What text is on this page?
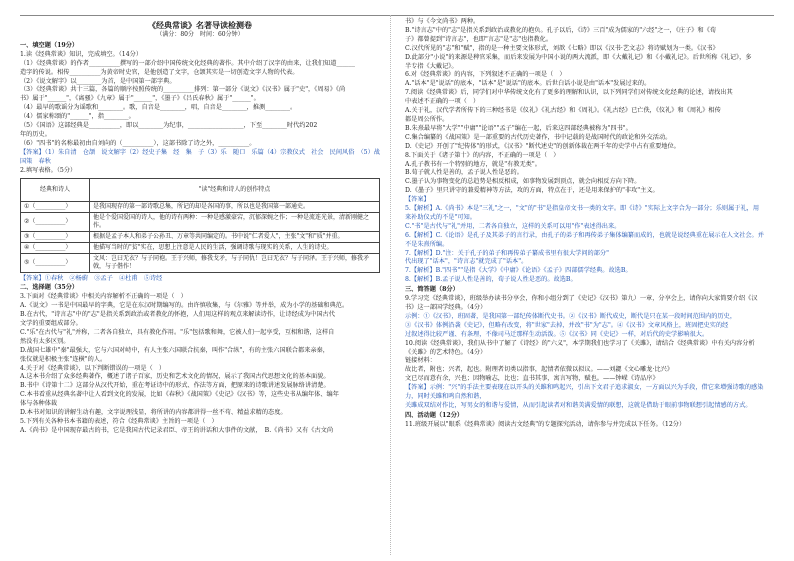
《经典常谈》名著导读检测卷
（满分：80分　时间：60分钟）
一、填空题（19分）

1.读《经典常谈》知识，完成填空。（14分）

（1）《经典常谈》的作者__________撰写的一部介绍中国传统文化经典的著作。其中介绍了汉字的由来，让我们知道______

造字的传说。相传__________为黄帝时史官，是他创造了文字，仓颉其实是一切创造文字人物的代表。

（2）《说文解字》以________为首，是中国第一部字典。

（3）《经典常谈》共十三篇，各篇的顺序按照传统的__________排列：第一部分《说文》《汉书》属于"史"，《周易》《尚

书》属于"______"，《离骚》《九章》属于"______"，《墨子》《吕氏春秋》属于"______"。

（4）最早的歌谣分为谣歌和________。歌，自音是________，唱，自音是________，推测________。

（4）儒家称颂的"______"，指________。

（5）《国语》这部经典是__________，即以________为纪事，__________________，下至________时代约202

年的历史。

（6）"四书"的名称最初由自刘向的（__________），这部书除了诗之外，__________。

【答案】（1）朱自清　仓颉　说文解字（2）经史子集　经　集　子（3）乐　随口　乐篇（4）宗教仪式　社会　民间风俗　（5）战国策　春秋

2.填写表格。（5分）

经典和诗人	"读"经典和诗人的创作特点
①（__________）	是我国现存的第一部诗歌总集，所记的却是各国的事，所以也是我国第一部通史。
②（__________）	他是个爱国爱国的诗人，他的诗有两种：一种是感激豪宕，沉郁深婉之作；一种是流连光景，清新刚健之作。
③（__________）	根据是孟子本人和弟子公孙丑、万章等共同编定的。书中说"仁者爱人"，主张"文"和"质"并重。
④（__________）	他描写当时的"贫"实在，思想上注意是人民的生活，强调诗歌与现实的关系，人生的诗史。
⑤（__________）	文风：岂曰无衣？与子同袍。王于兴师，修我戈矛，与子同仇！岂曰无衣？与子同泽。王于兴师，修我矛戟，与子偕作！

【答案】①春秋　②杨蔚　③孟子　④杜甫　⑤诗经

二、选择题（35分）

3.下面对《经典常谈》中相关内容解析不正确的一项是（　）

A.《说文》一书是中国最早的字典，它是在东汉时期编写的。由许慎收集，与《尔雅》等并举，成为小学的基础和典范。

B.在古代，"诗言志"中的"志"是指关系到政治或者教化的怀抱，人们用这样的观点来解读诗作，让诗经成为中国古代

文学的重要组成部分。

C."乐"在古代与"礼"并称，二者各自独立，具有教化作用。"乐"包括歌和舞，它被人们一起享受，互相和谐，这样自

然没有太多区别。

D.战国七雄中"秦"最强大，它与六国对峙中，有人主张六国联合抗秦，叫作"合纵"，有的主张六国联合都来亲秦，

张仪就是积极主张"连横"的人。

4.关于对《经典常谈》，以下判断错误的一项是（　）

A.这本书介绍了众多经典著作，概述了诸子百家，历史和艺术文化的情况，展示了我国古代思想文化的基本面貌。

B.书中《诗第十二》这部分从汉代开始，重在考证诗中的形式、作法等方面，把原来的诗歌讲述发展脉络讲清楚。

C.本书看重从经典名著中让人看到文化的发展，比如《春秋》《战国策》《史记》《汉书》等，这些史书从编年体、编年

体与各种体裁

D.本书对知识的讲解生动有趣，文字说理浅显，将所讲的内容都讲得一丝不苟、精益求精的态度。

5.下列有关各种书本书籍的表述，符合《经典常谈》主旨的一项是（　）

A.《尚书》是中国现存最古的书，它是我国古代记录君臣、帝王的讲话和大事件的文献，　B.《尚书》又有《古文尚

书》与《今文尚书》两种。

B."诗言志"中的"志"是指关系到政治或教化的抱负。孔子以后，《诗》三百"成为儒家的"六经"之一，《庄子》和《荀

子》都曾提到"诗言志"，也即"言志"是"志"也指教化。

C.汉代所见的"志"和"赋"，指的是一种主要文体形式，刘歆《七略》即以《汉书·艺文志》将诗赋划为一类。《汉书》

D.此部分"小说"的来源是稗官采集，而后来发展为中国小说的两大流派，即《大戴礼记》和《小戴礼记》。后世所称《礼记》，多

半专指《大戴记》。

6.对《经典常谈》的内容，下列叙述不正确的一项是（　）

A."话本"是"说话"的底本，"话本"是"说话"的底本。后世白话小说是由"话本"发展过来的。

7.阅读《经典常谈》后，同学们对中华传统文化有了更多的理解和认识，以下列同学们对传统文化经典的论述，请找出其

中表述不正确的一项（　）

A.关于礼，汉代学者所传下的三种经书是《仪礼》《礼古经》和《周礼》。《礼古经》已亡佚，《仪礼》和《周礼》相传

都是周公所作。

B.朱熹最早将"大学""中庸""论语""孟子"编在一起，后来这四部经典被称为"四书"。

C.集合编纂的《战国策》是一部重要的古代历史著作，书中记载的是战国时代的政论和外交活动。

D.《史记》开创了"纪传体"的形式，《汉书》"断代述史"的创新体裁在两千年的史学中占有重要地位。

8.下面关于《诸子第十》的内容，不正确的一项是（　）

A.孔子教书有一个特别的地方，就是"有教无类"。

B.荀子就人性是善的，孟子说人性是恶的。

C.墨子认为事物变化的总趋势是相反相成，如事物发展到顶点，就会向相反方向下降。

D.《墨子》里只讲守的兼爱精神等方法，攻的方面，特点在于，还是用来保护的"非攻"主义。

【答案】

5.【解析】A.《尚书》本是"三礼"之一，"文"的"书"是指皇帝文书一类的文字。即《诗》"实际上文字合为一部分；乐则属于礼，用来补助仪式的不是"可知。

C."书"是古代与"礼"并用，二者各自独立，这样的关系可以用"作"表述得出来。

6.【解析】C.《论语》是孔子及其弟子的言行录，由孔子的弟子和再传弟子集体编纂而成的，也就是说经典重在展示在人文社会。并

不是朱熹所编。

7.【解析】D."注：关于孔子的弟子和再传弟子纂成书里有很大学问的部分"

代出现了"话本"，"诗言志"就完成了"话本"。

7.【解析】B."四书""是指《大学》《中庸》《论语》《孟子》四部儒学经典。故选B。

8.【解析】B.孟子说人性是善的，荀子说人性是恶的。故选B。

三、简答题（8分）

9.学习完《经典常谈》，班级举办读书分享会，你和小组分到了《史记》《汉书》第九）一章，分享会上，请你向大家简要介绍《汉书》这一部国学经典。（4分）

示例：①《汉书》，班固著，是我国第一部纪传体断代史书。②《汉书》断代成史，断代是只在某一段时间范围内的历史，

③《汉书》体例沿袭《史记》，但略有改变，将"世家"去掉，并改"书"为"志"。④《汉书》文章风格上，班固把史实的经

过叙述得比较严谨、有条理，不像司马迁那样生动活泼。⑤《汉书》同《史记》一样，对后代的史学影响很大。

10.阅读《经典常谈》，我们从书中了解了《诗经》的"六义"，本学期我们也学习了《关雎》，请结合《经典常谈》中有关内容分析《关雎》的艺术特色。（4分）

链接材料：

故比者，附也；兴者，起也。附理者切类以指事，起情者依微以拟议。——刘勰《文心雕龙·比兴》

文已尽而意有余，兴也；因物喻志，比也；直书其事，寓言写物，赋也。——钟嵘《诗品序》

【答案】示例："兴"的手法主要表现在以开头的关雎和鸣起兴，引出下文君子追求淑女，一方面以兴为手段，借它来增强诗歌的感染力，同时关雎和鸣自然和谐，

关雎成双结对作比，写男女的和谐与爱情，从而引起读者对和谐美满爱情的联想，这就是借助于眼前事物联想引起情感的方式。

四、活动题（12分）

11.班级开展以"眼系《经典常谈》阅读古文经典"的专题探究活动，请你参与并完成以下任务。（12分）
